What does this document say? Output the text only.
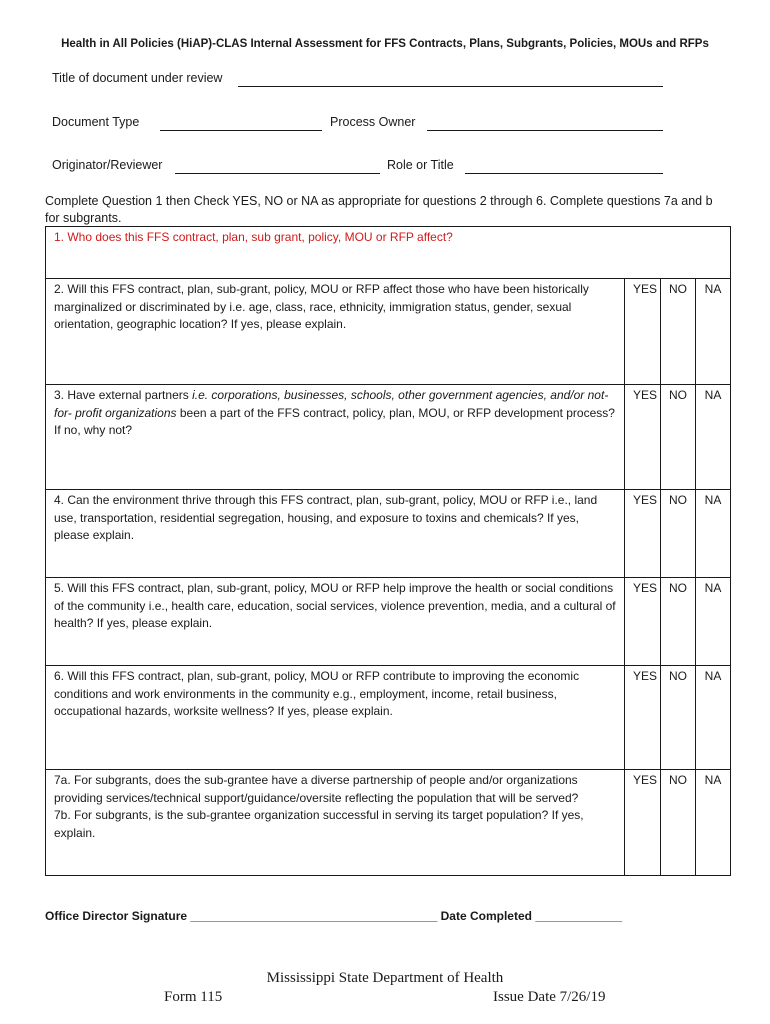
Health in All Policies (HiAP)-CLAS Internal Assessment for FFS Contracts, Plans, Subgrants, Policies, MOUs and RFPs
Title of document under review
Document Type	Process Owner
Originator/Reviewer	Role or Title
Complete Question 1 then Check YES, NO or NA as appropriate for questions 2 through 6. Complete questions 7a and b for subgrants.
1. Who does this FFS contract, plan, sub grant, policy, MOU or RFP affect?			
2. Will this FFS contract, plan, sub-grant, policy, MOU or RFP affect those who have been historically marginalized or discriminated by i.e. age, class, race, ethnicity, immigration status, gender, sexual orientation, geographic location? If yes, please explain.	YES	NO	NA
3. Have external partners i.e. corporations, businesses, schools, other government agencies, and/or not- for- profit organizations been a part of the FFS contract, policy, plan, MOU, or RFP development process? If no, why not?	YES	NO	NA
4. Can the environment thrive through this FFS contract, plan, sub-grant, policy, MOU or RFP i.e., land use, transportation, residential segregation, housing, and exposure to toxins and chemicals? If yes, please explain.	YES	NO	NA
5. Will this FFS contract, plan, sub-grant, policy, MOU or RFP help improve the health or social conditions of the community i.e., health care, education, social services, violence prevention, media, and a cultural of health? If yes, please explain.	YES	NO	NA
6. Will this FFS contract, plan, sub-grant, policy, MOU or RFP contribute to improving the economic conditions and work environments in the community e.g., employment, income, retail business, occupational hazards, worksite wellness? If yes, please explain.	YES	NO	NA

7a. For subgrants, does the sub-grantee have a diverse partnership of people and/or organizations providing services/technical support/guidance/oversite reflecting the population that will be served?
7b. For subgrants, is the sub-grantee organization successful in serving its target population? If yes, explain.	YES	NO	NA
Office Director Signature _____________________________________ Date Completed _____________
Mississippi State Department of Health
Form 115	Issue Date 7/26/19
